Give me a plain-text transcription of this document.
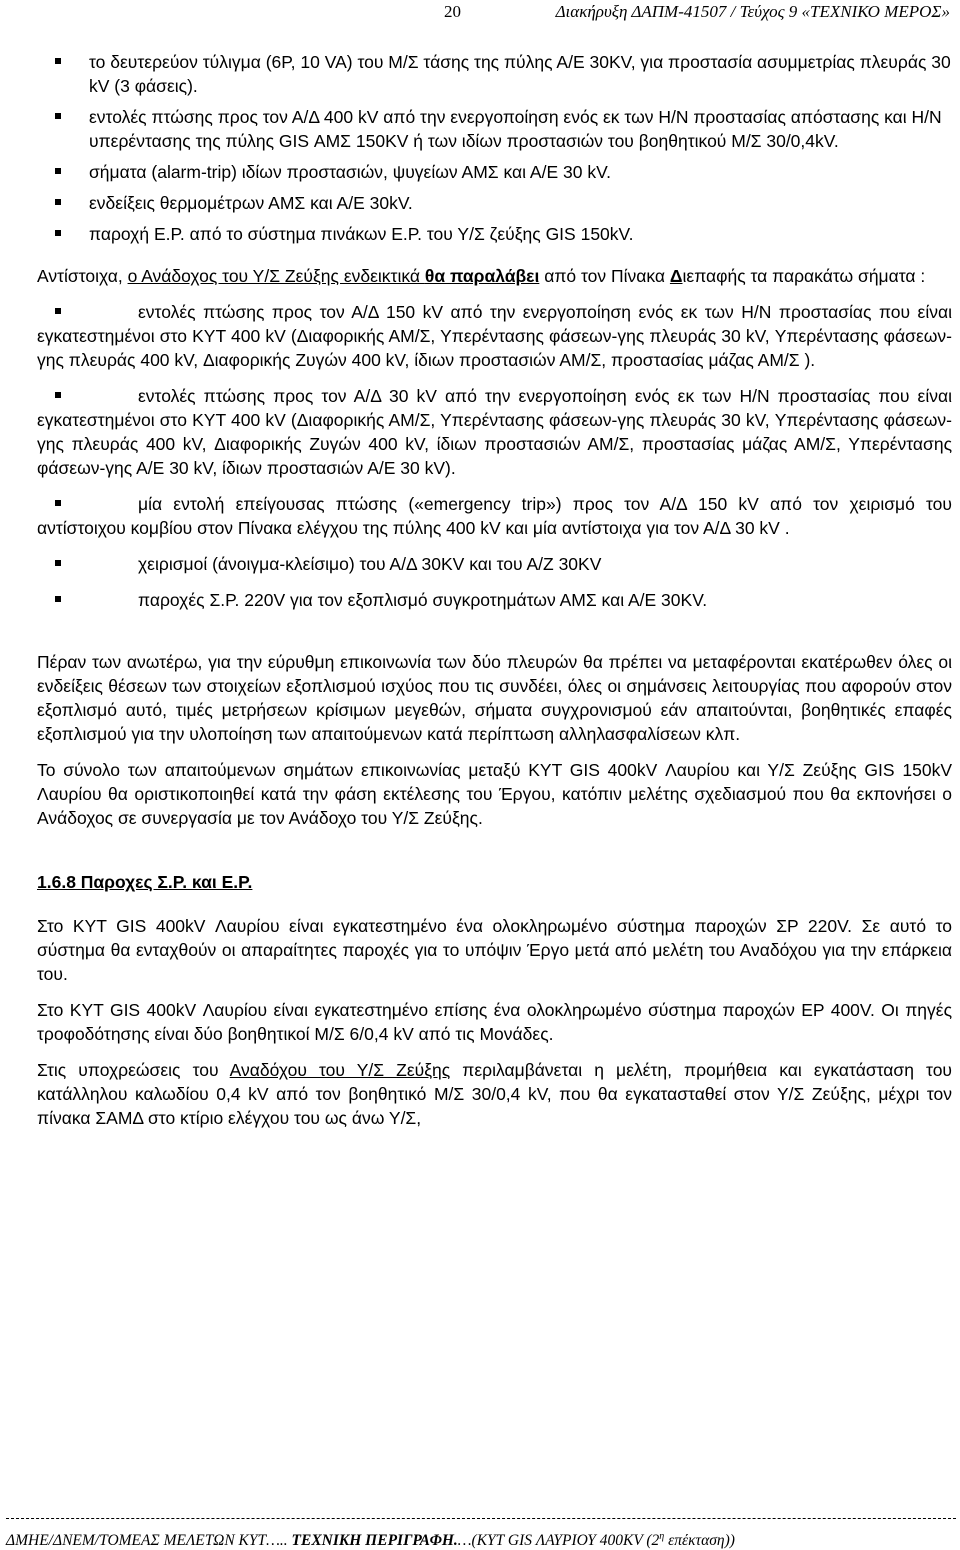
20	Διακήρυξη ΔΑΠΜ-41507 / Τεύχος 9 «ΤΕΧΝΙΚΟ ΜΕΡΟΣ»
το δευτερεύον τύλιγμα (6Ρ, 10 VA) του Μ/Σ τάσης της πύλης Α/Ε 30KV, για προστασία ασυμμετρίας πλευράς 30 kV (3 φάσεις).
εντολές πτώσης προς τον Α/Δ 400 kV από την ενεργοποίηση ενός εκ των Η/Ν προστασίας απόστασης και Η/Ν υπερέντασης της πύλης GIS ΑΜΣ 150KV ή των ιδίων προστασιών του βοηθητικού Μ/Σ 30/0,4kV.
σήματα (alarm-trip) ιδίων προστασιών, ψυγείων ΑΜΣ και Α/Ε 30 kV.
ενδείξεις θερμομέτρων ΑΜΣ και Α/Ε 30kV.
παροχή Ε.Ρ. από το σύστημα πινάκων Ε.Ρ. του Υ/Σ ζεύξης GIS 150kV.

Αντίστοιχα, ο Ανάδοχος του Υ/Σ Ζεύξης ενδεικτικά θα παραλάβει από τον Πίνακα Διεπαφής τα παρακάτω σήματα :

εντολές πτώσης προς τον Α/Δ 150 kV από την ενεργοποίηση ενός εκ των Η/Ν προστασίας που είναι εγκατεστημένοι στο ΚΥΤ 400 kV (Διαφορικής ΑΜ/Σ, Υπερέντασης φάσεων-γης πλευράς 30 kV, Υπερέντασης φάσεων-γης πλευράς 400 kV, Διαφορικής Ζυγών 400 kV, ίδιων προστασιών ΑΜ/Σ, προστασίας μάζας ΑΜ/Σ ).
εντολές πτώσης προς τον Α/Δ 30 kV από την ενεργοποίηση ενός εκ των Η/Ν προστασίας που είναι εγκατεστημένοι στο ΚΥΤ 400 kV (Διαφορικής ΑΜ/Σ, Υπερέντασης φάσεων-γης πλευράς 30 kV, Υπερέντασης φάσεων-γης πλευράς 400 kV, Διαφορικής Ζυγών 400 kV, ίδιων προστασιών ΑΜ/Σ, προστασίας μάζας ΑΜ/Σ, Υπερέντασης φάσεων-γης Α/Ε 30 kV, ίδιων προστασιών Α/Ε 30 kV).
μία εντολή επείγουσας πτώσης («emergency trip») προς τον Α/Δ 150 kV από τον χειρισμό του αντίστοιχου κομβίου στον Πίνακα ελέγχου της πύλης 400 kV και μία αντίστοιχα για τον Α/Δ 30 kV .
χειρισμοί (άνοιγμα-κλείσιμο) του Α/Δ 30KV και του Α/Ζ 30KV
παροχές Σ.Ρ. 220V για τον εξοπλισμό συγκροτημάτων ΑΜΣ και Α/Ε 30KV.

Πέραν των ανωτέρω, για την εύρυθμη επικοινωνία των δύο πλευρών θα πρέπει να μεταφέρονται εκατέρωθεν όλες οι ενδείξεις θέσεων των στοιχείων εξοπλισμού ισχύος που τις συνδέει, όλες οι σημάνσεις λειτουργίας που αφορούν στον εξοπλισμό αυτό, τιμές μετρήσεων κρίσιμων μεγεθών, σήματα συγχρονισμού εάν απαιτούνται, βοηθητικές επαφές εξοπλισμού για την υλοποίηση των απαιτούμενων κατά περίπτωση αλληλασφαλίσεων κλπ.

Το σύνολο των απαιτούμενων σημάτων επικοινωνίας μεταξύ ΚΥΤ GIS 400kV Λαυρίου και Υ/Σ Ζεύξης GIS 150kV Λαυρίου θα οριστικοποιηθεί κατά την φάση εκτέλεσης του Έργου, κατόπιν μελέτης σχεδιασμού που θα εκπονήσει ο Ανάδοχος σε συνεργασία με τον Ανάδοχο του Υ/Σ Ζεύξης.

1.6.8 Παροχες Σ.Ρ. και Ε.Ρ.

Στο ΚΥΤ GIS 400kV Λαυρίου είναι εγκατεστημένο ένα ολοκληρωμένο σύστημα παροχών ΣΡ 220V. Σε αυτό το σύστημα θα ενταχθούν οι απαραίτητες παροχές για το υπόψιν Έργο μετά από μελέτη του Αναδόχου για την επάρκεια του.

Στο ΚΥΤ GIS 400kV Λαυρίου είναι εγκατεστημένο επίσης ένα ολοκληρωμένο σύστημα παροχών ΕΡ 400V. Οι πηγές τροφοδότησης είναι δύο βοηθητικοί Μ/Σ 6/0,4 kV από τις Μονάδες.

Στις υποχρεώσεις του Αναδόχου του Υ/Σ Ζεύξης περιλαμβάνεται η μελέτη, προμήθεια και εγκατάσταση του κατάλληλου καλωδίου 0,4 kV από τον βοηθητικό Μ/Σ 30/0,4 kV, που θα εγκατασταθεί στον Υ/Σ Ζεύξης, μέχρι τον πίνακα ΣΑΜΔ στο κτίριο ελέγχου του ως άνω Υ/Σ,

ΔΜΗΕ/ΔΝΕΜ/ΤΟΜΕΑΣ ΜΕΛΕΤΩΝ ΚΥΤ….. ΤΕΧΝΙΚΗ ΠΕΡΙΓΡΑΦΗ.…(ΚΥΤ GIS ΛΑΥΡΙΟΥ 400KV ($2^\eta$ επέκταση))
